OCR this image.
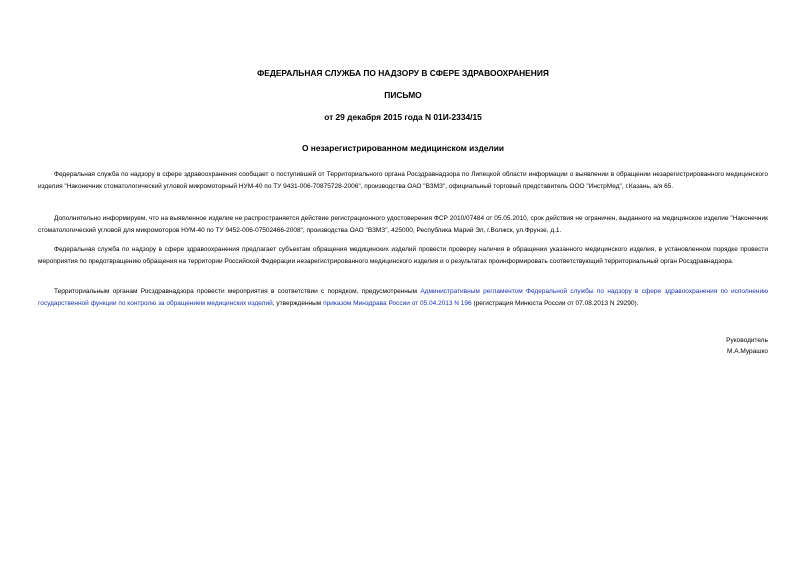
ФЕДЕРАЛЬНАЯ СЛУЖБА ПО НАДЗОРУ В СФЕРЕ ЗДРАВООХРАНЕНИЯ

ПИСЬМО

от 29 декабря 2015 года N 01И-2334/15

О незарегистрированном медицинском изделии

Федеральная служба по надзору в сфере здравоохранения сообщает о поступившей от Территориального органа Росздравнадзора по Липецкой области информации о выявлении в обращении незарегистрированного медицинского изделия "Наконечник стоматологический угловой микромоторный НУМ-40 по ТУ 9431-006-70875728-2006", производства ОАО "ВЗМЗ", официальный торговый представитель ООО "ИнстрМед", г.Казань, а/я 65.

Дополнительно информируем, что на выявленное изделие не распространяется действие регистрационного удостоверения ФСР 2010/07484 от 05.05.2010, срок действия не ограничен, выданного на медицинское изделие "Наконечник стоматологический угловой для микромоторов НУМ-40 по ТУ 9452-006-07502466-2008", производства ОАО "ВЗМЗ", 425000, Республика Марий Эл, г.Волжск, ул.Фрунзе, д.1.

Федеральная служба по надзору в сфере здравоохранения предлагает субъектам обращения медицинских изделий провести проверку наличия в обращении указанного медицинского изделия, в установленном порядке провести мероприятия по предотвращению обращения на территории Российской Федерации незарегистрированного медицинского изделия и о результатах проинформировать соответствующий территориальный орган Росздравнадзора.

Территориальным органам Росздравнадзора провести мероприятия в соответствии с порядком, предусмотренным Административным регламентом Федеральной службы по надзору в сфере здравоохранения по исполнению государственной функции по контролю за обращением медицинских изделий, утвержденным приказом Минздрава России от 05.04.2013 N 196 (регистрация Минюста России от 07.08.2013 N 29290).

Руководитель

М.А.Мурашко
